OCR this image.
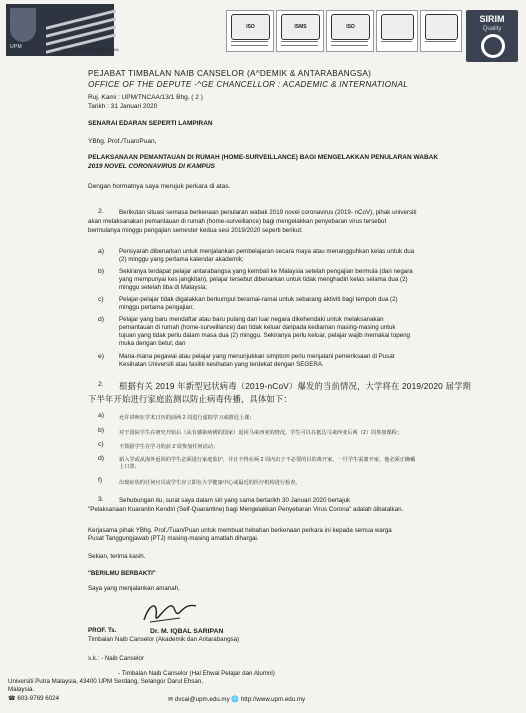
UPM	UNIVERSITI PUTRA MALAYSIA
ISO	ISMS	ISO
SIRIM
Quality
PEJABAT TIMBALAN NAIB CANSELOR (A^DEMIK & ANTARABANGSA)
OFFICE OF THE DEPUTE -^GE CHANCELLOR : ACADEMIC & INTERNATIONAL
Ruj. Kami : UPM/TNCAA/13/1 Bhg. ( 2 )
Tarikh : 31 Januari 2020
SENARAI EDARAN SEPERTI LAMPIRAN
YBhg. Prof./Tuan/Puan,
PELAKSANAAN PEMANTAUAN DI RUMAH (HOME-SURVEILLANCE) BAGI MENGELAKKAN PENULARAN WABAK
2019 NOVEL CORONAVIRUS DI KAMPUS
Dengan hormatnya saya merujuk perkara di atas.
2. Berikutan situasi semasa berkenaan penularan wabak 2019 novel coronavirus (2019- nCoV), pihak universiti
akan melaksanakan pemantauan di rumah (home-surveillance) bagi mengelakkan penyebaran virus tersebut
bermulanya minggu pengajian semester kedua sesi 2019/2020 seperti berikut:
a) Pensyarah dibenarkan untuk menjalankan pembelajaran secara maya atau menangguhkan kelas untuk dua
(2) minggu yang pertama kalendar akademik;
b) Sekiranya terdapat pelajar antarabangsa yang kembali ke Malaysia setelah pengajian bermula (dari negara
yang mempunyai kes jangkitan), pelajar tersebut dibenarkan untuk tidak menghadiri kelas selama dua (2)
minggu setelah tiba di Malaysia;
c) Pelajar-pelajar tidak digalakkan berkumpul beramai-ramai untuk sebarang aktiviti bagi tempoh dua (2)
minggu pertama pengajian;
d) Pelajar yang baru mendaftar atau baru pulang dari luar negara dikehendaki untuk melaksanakan
pemantauan di rumah (home-surveillance) dan tidak keluar daripada kediaman masing-masing untuk
tujuan yang tidak perlu dalam masa dua (2) minggu. Sekiranya perlu keluar, pelajar wajib memakai topeng
muka dengan betul; dan
e) Mana-mana pegawai atau pelajar yang menunjukkan simptom perlu menjalani pemeriksaan di Pusat
Kesihatan Universiti atau fasiliti kesihatan yang terdekat dengan SEGERA.
2. 根据有关 2019 年新型冠状病毒（2019-nCoV）爆发的当前情况，大学将在 2019/2020 届学期
下半年开始进行家庭监测以防止病毒传播，具体如下：
a)	允许讲师在学术日历的前两 2 周进行虚拟学习或推迟上课；
b)	对于国际学生在研究开始后（从有感染病例的国家）返回马来西亚的情况，学生可以在抵达马来西亚后两（2）周参加课程；
c)	不鼓励学生在学习的前 2 周参加任何活动；
d)	新入学或从海外返回的学生必须进行家庭监护，并且不得在两 2 周内出于不必要的目的离开家，一旦学生需离开家，他必须正确戴上口罩；
f)	出现症状的任何官员或学生应立即在大学健康中心或最近的医疗机构进行检查。
3. Sehubungan itu, surat saya dalam siri yang sama bertarikh 30 Januari 2020 bertajuk
"Pelaksanaan Kuarantin Kendiri (Self-Quarantine) bagi Mengelakkan Penyebaran Virus Corona" adalah dibatalkan.
Kerjasama pihak YBhg. Prof./Tuan/Puan untuk membuat hebahan berkenaan perkara ini kepada semua warga
Pusat Tanggungjawab (PTJ) masing-masing amatlah dihargai.
Sekian, terima kasih.
"BERILMU BERBAKTI"
Saya yang menjalankan amanah,
PROF. Ts.	Dr. M. IQBAL SARIPAN
Timbalan Naib Canselor (Akademik dan Antarabangsa)
s.k.: - Naib Canselor
- Timbalan Naib Canselor (Hal Ehwal Pelajar dan Alumni)
Universiti Putra Malaysia, 43400 UPM Serdang, Selangor Darul Ehsan,
Malaysia.
☎ 603-9769 6024	✉ dvcai@upm.edu.my 🌐 http://www.upm.edu.my
